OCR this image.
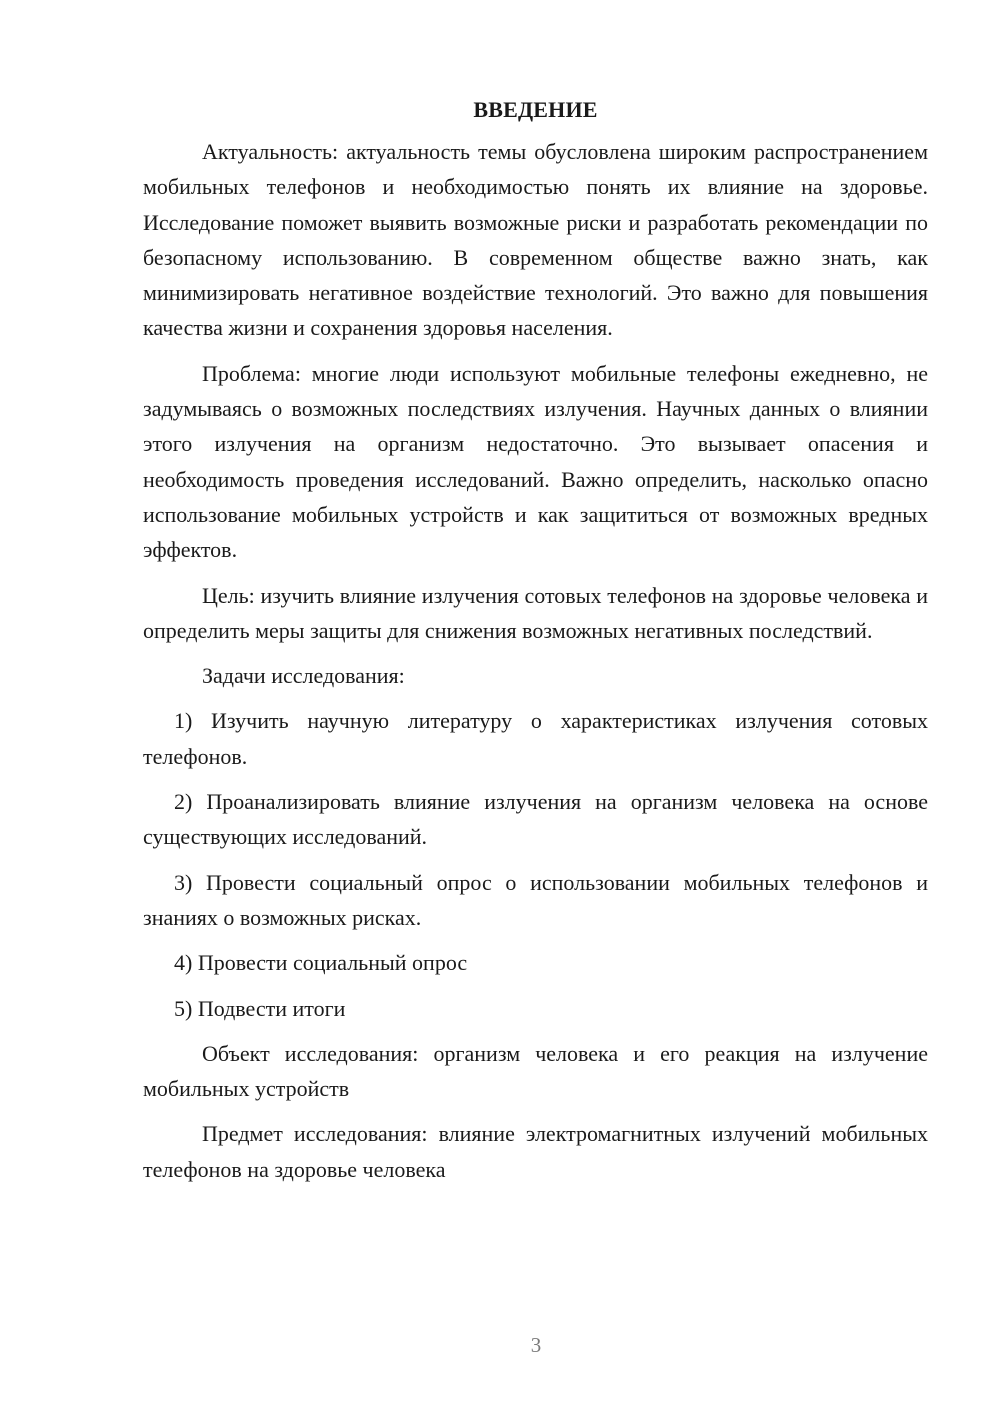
ВВЕДЕНИЕ

Актуальность: актуальность темы обусловлена широким распространением мобильных телефонов и необходимостью понять их влияние на здоровье. Исследование поможет выявить возможные риски и разработать рекомендации по безопасному использованию. В современном обществе важно знать, как минимизировать негативное воздействие технологий. Это важно для повышения качества жизни и сохранения здоровья населения.

Проблема: многие люди используют мобильные телефоны ежедневно, не задумываясь о возможных последствиях излучения. Научных данных о влиянии этого излучения на организм недостаточно. Это вызывает опасения и необходимость проведения исследований. Важно определить, насколько опасно использование мобильных устройств и как защититься от возможных вредных эффектов.

Цель: изучить влияние излучения сотовых телефонов на здоровье человека и определить меры защиты для снижения возможных негативных последствий.

Задачи исследования:

1) Изучить научную литературу о характеристиках излучения сотовых телефонов.

2) Проанализировать влияние излучения на организм человека на основе существующих исследований.

3) Провести социальный опрос о использовании мобильных телефонов и знаниях о возможных рисках.

4) Провести социальный опрос

5) Подвести итоги

Объект исследования: организм человека и его реакция на излучение мобильных устройств

Предмет исследования: влияние электромагнитных излучений мобильных телефонов на здоровье человека

3
